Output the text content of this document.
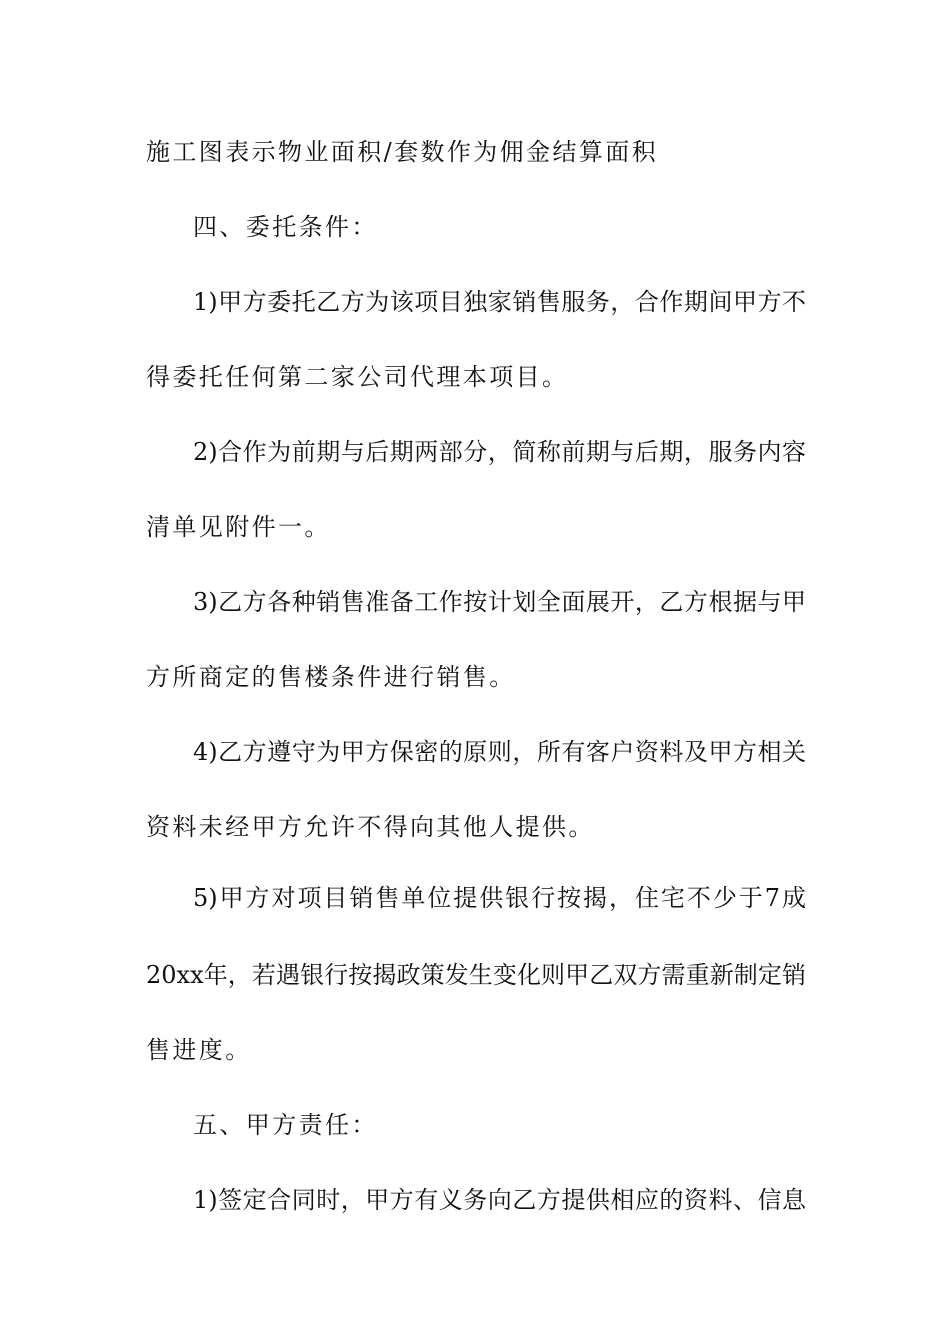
施工图表示物业面积/套数作为佣金结算面积
四、委托条件：
1)甲方委托乙方为该项目独家销售服务，合作期间甲方不
得委托任何第二家公司代理本项目。
2)合作为前期与后期两部分，简称前期与后期，服务内容
清单见附件一。
3)乙方各种销售准备工作按计划全面展开，乙方根据与甲
方所商定的售楼条件进行销售。
4)乙方遵守为甲方保密的原则，所有客户资料及甲方相关
资料未经甲方允许不得向其他人提供。
5)甲方对项目销售单位提供银行按揭，住宅不少于7成
20xx年，若遇银行按揭政策发生变化则甲乙双方需重新制定销
售进度。
五、甲方责任：
1)签定合同时，甲方有义务向乙方提供相应的资料、信息
